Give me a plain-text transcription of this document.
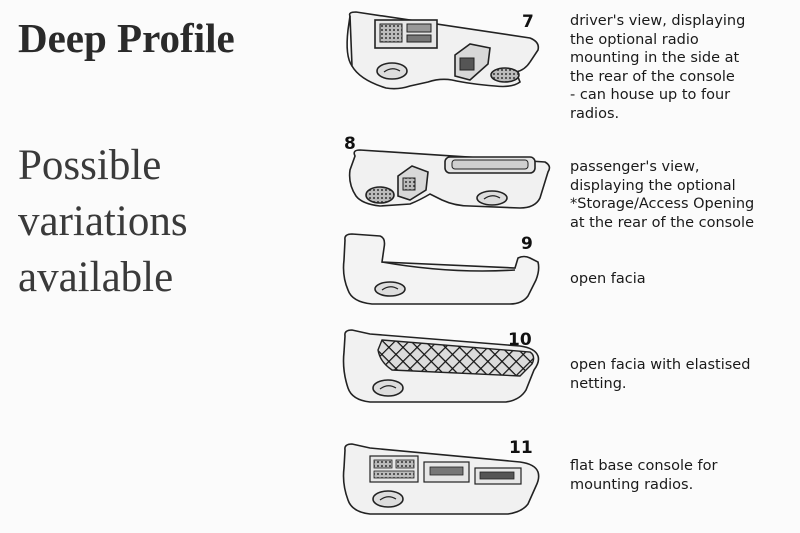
Deep Profile
Possible
variations
available
7
8
9
10
11
driver's view, displaying
the optional radio
mounting in the side at
the rear of the console
- can house up to four
radios.
passenger's view,
displaying the optional
*Storage/Access Opening
at the rear of the console
open facia
open facia with elastised
netting.
flat base console for
mounting radios.
